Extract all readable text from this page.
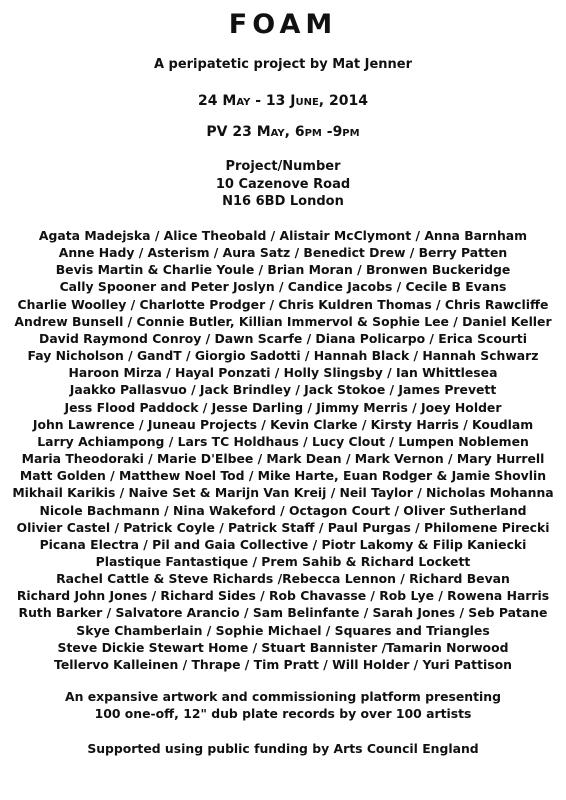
FOAM
A peripatetic project by Mat Jenner
24 May - 13 June, 2014
PV 23 May, 6pm -9pm
Project/Number
10 Cazenove Road
N16 6BD London
Agata Madejska / Alice Theobald / Alistair McClymont / Anna Barnham
Anne Hady / Asterism / Aura Satz / Benedict Drew / Berry Patten
Bevis Martin & Charlie Youle / Brian Moran / Bronwen Buckeridge
Cally Spooner and Peter Joslyn / Candice Jacobs / Cecile B Evans
Charlie Woolley / Charlotte Prodger / Chris Kuldren Thomas / Chris Rawcliffe
Andrew Bunsell / Connie Butler, Killian Immervol & Sophie Lee / Daniel Keller
David Raymond Conroy / Dawn Scarfe / Diana Policarpo / Erica Scourti
Fay Nicholson / GandT / Giorgio Sadotti / Hannah Black / Hannah Schwarz
Haroon Mirza / Hayal Ponzati / Holly Slingsby / Ian Whittlesea
Jaakko Pallasvuo / Jack Brindley / Jack Stokoe / James Prevett
Jess Flood Paddock / Jesse Darling / Jimmy Merris / Joey Holder
John Lawrence / Juneau Projects / Kevin Clarke / Kirsty Harris / Koudlam
Larry Achiampong / Lars TC Holdhaus / Lucy Clout / Lumpen Noblemen
Maria Theodoraki / Marie D'Elbee / Mark Dean / Mark Vernon / Mary Hurrell
Matt Golden / Matthew Noel Tod / Mike Harte, Euan Rodger & Jamie Shovlin
Mikhail Karikis / Naive Set & Marijn Van Kreij / Neil Taylor / Nicholas Mohanna
Nicole Bachmann / Nina Wakeford / Octagon Court / Oliver Sutherland
Olivier Castel / Patrick Coyle / Patrick Staff / Paul Purgas / Philomene Pirecki
Picana Electra / Pil and Gaia Collective / Piotr Lakomy & Filip Kaniecki
Plastique Fantastique / Prem Sahib & Richard Lockett
Rachel Cattle & Steve Richards /Rebecca Lennon / Richard Bevan
Richard John Jones / Richard Sides / Rob Chavasse / Rob Lye / Rowena Harris
Ruth Barker / Salvatore Arancio / Sam Belinfante / Sarah Jones / Seb Patane
Skye Chamberlain / Sophie Michael / Squares and Triangles
Steve Dickie Stewart Home / Stuart Bannister /Tamarin Norwood
Tellervo Kalleinen / Thrape / Tim Pratt / Will Holder / Yuri Pattison
An expansive artwork and commissioning platform presenting
100 one-off, 12" dub plate records by over 100 artists
Supported using public funding by Arts Council England
